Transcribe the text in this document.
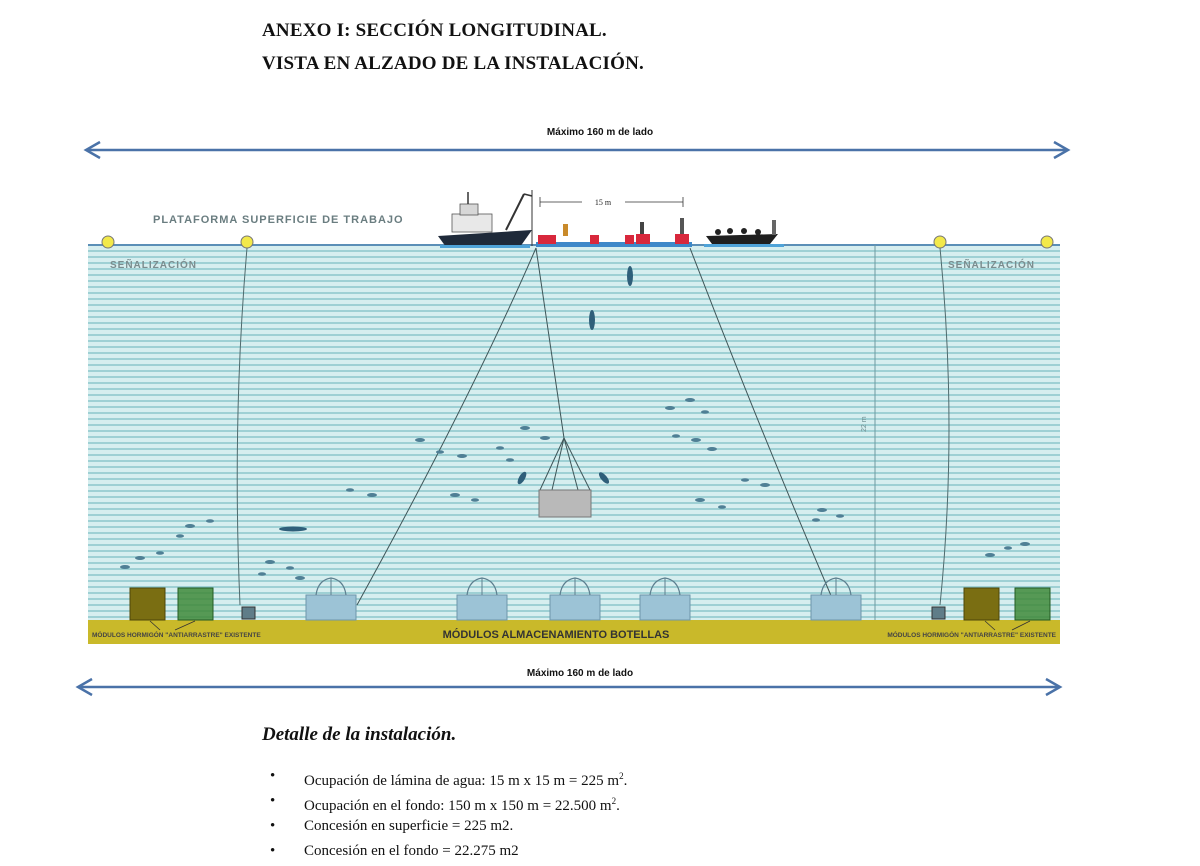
ANEXO I: SECCIÓN LONGITUDINAL.
VISTA EN ALZADO DE LA INSTALACIÓN.
Máximo 160 m de lado
22 m
MÓDULOS HORMIGÓN "ANTIARRASTRE" EXISTENTE	MÓDULOS ALMACENAMIENTO BOTELLAS	MÓDULOS HORMIGÓN "ANTIARRASTRE" EXISTENTE
PLATAFORMA SUPERFICIE DE TRABAJO
SEÑALIZACIÓN	SEÑALIZACIÓN
15 m
Máximo 160 m de lado
Detalle de la instalación.
• Ocupación de lámina de agua: 15 m x 15 m = 225 $m^2$.
• Ocupación en el fondo: 150 m x 150 m = 22.500 $m^2$.
• Concesión en superficie = 225 m2.
• Concesión en el fondo = 22.275 m2
